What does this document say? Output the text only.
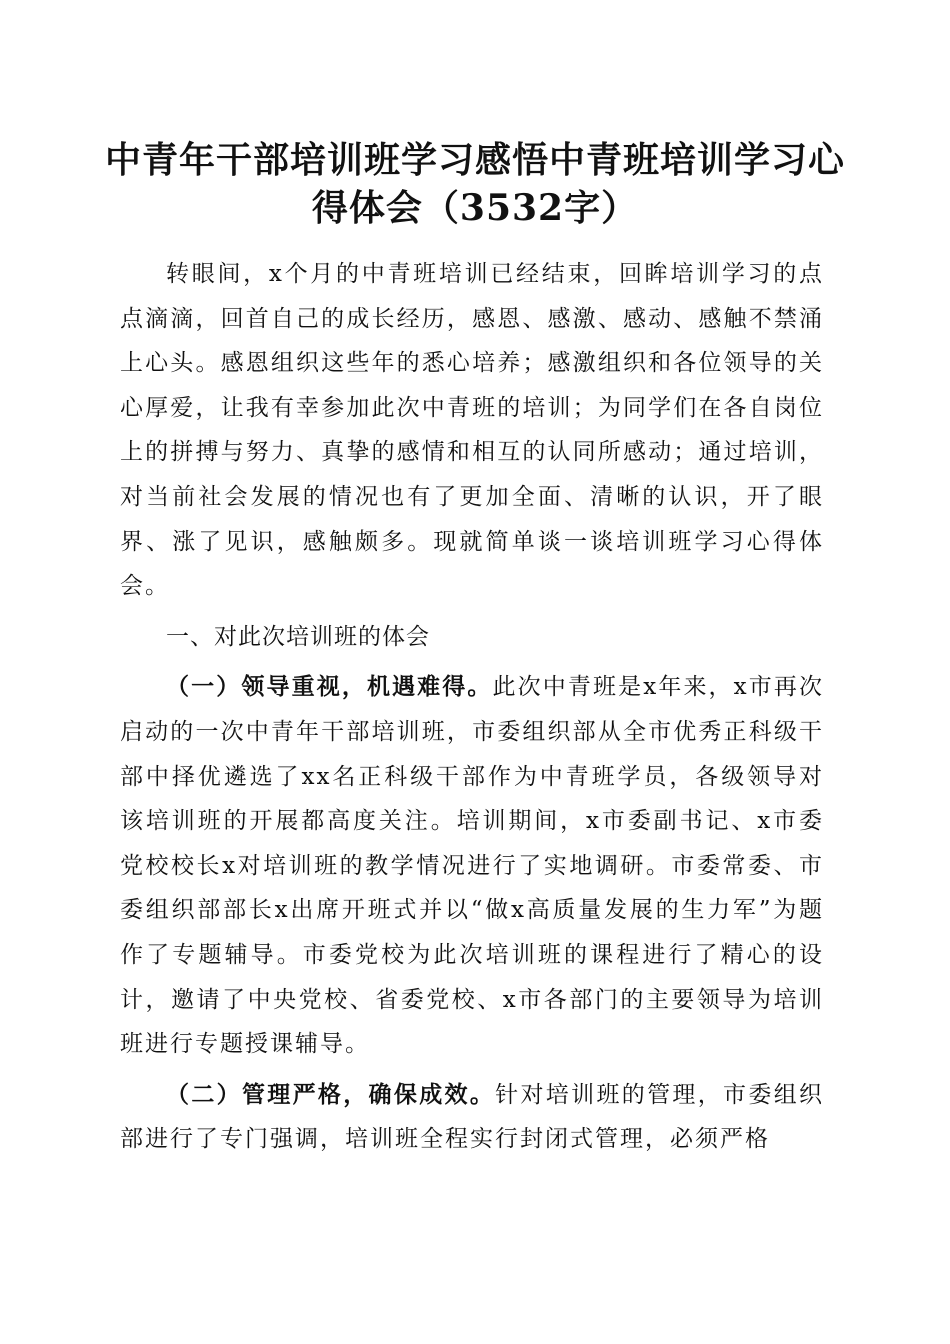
中青年干部培训班学习感悟中青班培训学习心得体会（3532字）

转眼间，x个月的中青班培训已经结束，回眸培训学习的点点滴滴，回首自己的成长经历，感恩、感激、感动、感触不禁涌上心头。感恩组织这些年的悉心培养；感激组织和各位领导的关心厚爱，让我有幸参加此次中青班的培训；为同学们在各自岗位上的拼搏与努力、真挚的感情和相互的认同所感动；通过培训，对当前社会发展的情况也有了更加全面、清晰的认识，开了眼界、涨了见识，感触颇多。现就简单谈一谈培训班学习心得体会。

一、对此次培训班的体会

（一）领导重视，机遇难得。此次中青班是x年来，x市再次启动的一次中青年干部培训班，市委组织部从全市优秀正科级干部中择优遴选了xx名正科级干部作为中青班学员，各级领导对该培训班的开展都高度关注。培训期间，x市委副书记、x市委党校校长x对培训班的教学情况进行了实地调研。市委常委、市委组织部部长x出席开班式并以“做x高质量发展的生力军”为题作了专题辅导。市委党校为此次培训班的课程进行了精心的设计，邀请了中央党校、省委党校、x市各部门的主要领导为培训班进行专题授课辅导。

（二）管理严格，确保成效。针对培训班的管理，市委组织部进行了专门强调，培训班全程实行封闭式管理，必须严格
